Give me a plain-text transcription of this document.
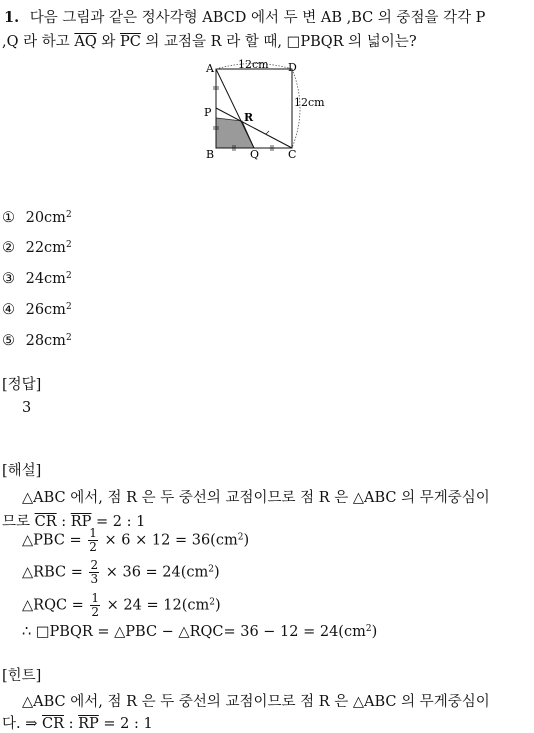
1. 다음 그림과 같은 정사각형 ABCD 에서 두 변 AB ,BC 의 중점을 각각 P
,Q 라 하고 $\overline{AQ}$ 와 $\overline{PC}$ 의 교점을 R 라 할 때, □PBQR 의 넓이는?
A
B	C
D
P
Q
R
12cm
12cm
① $20cm^2$
② $22cm^2$
③ $24cm^2$
④ $26cm^2$
⑤ $28cm^2$
[정답]
3
[해설]
△ABC 에서, 점 R 은 두 중선의 교점이므로 점 R 은 △ABC 의 무게중심이
므로 $\overline{CR}$ : $\overline{RP} = 2$ : 1
△PBC = $\frac{1}{2} \times 6 \times 12 = 36(cm^2)$
△RBC = $\frac{2}{3} \times 36 = 24(cm^2)$
△RQC = $\frac{1}{2} \times 24 = 12(cm^2)$
∴ □PBQR = △PBC − △RQC= $36 - 12 = 24(cm^2)$
[힌트]
△ABC 에서, 점 R 은 두 중선의 교점이므로 점 R 은 △ABC 의 무게중심이
다. ⇒ $\overline{CR}$ : $\overline{RP} = 2$ : 1
